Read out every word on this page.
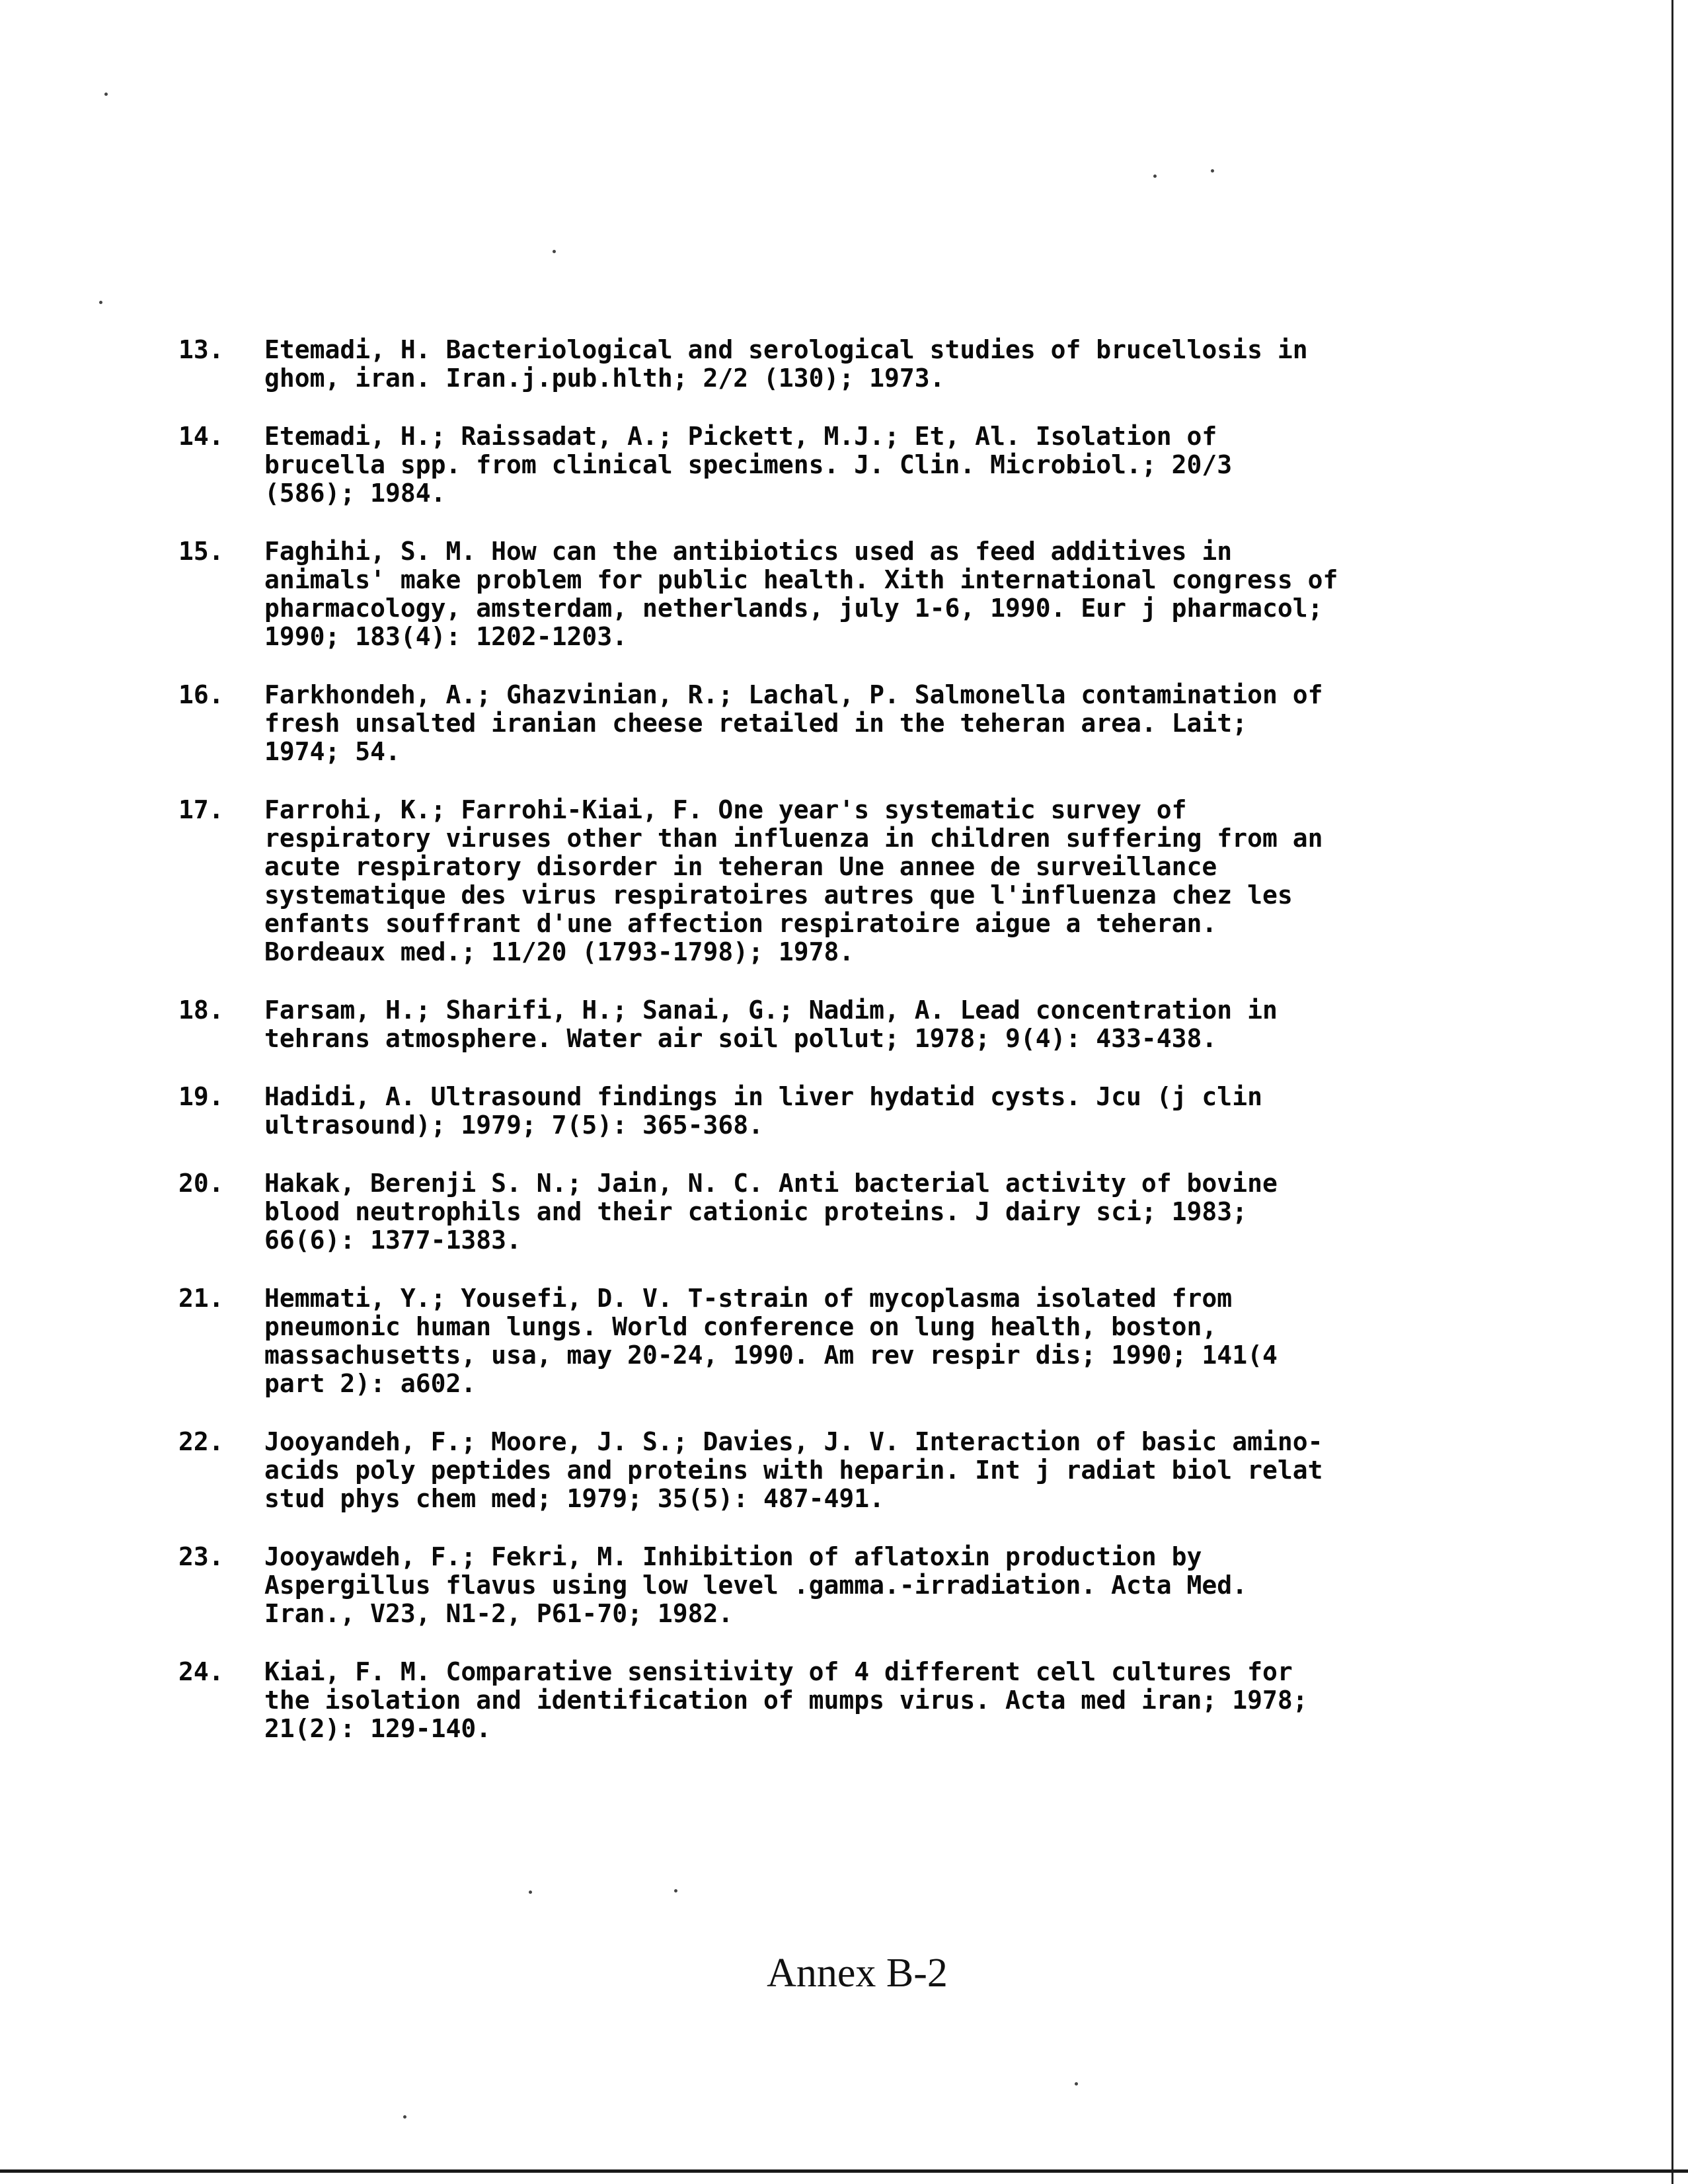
13.	Etemadi, H. Bacteriological and serological studies of brucellosis in
ghom, iran. Iran.j.pub.hlth; 2/2 (130); 1973.
14.	Etemadi, H.; Raissadat, A.; Pickett, M.J.; Et, Al. Isolation of
brucella spp. from clinical specimens. J. Clin. Microbiol.; 20/3
(586); 1984.
15.	Faghihi, S. M. How can the antibiotics used as feed additives in
animals' make problem for public health. Xith international congress of
pharmacology, amsterdam, netherlands, july 1-6, 1990. Eur j pharmacol;
1990; 183(4): 1202-1203.
16.	Farkhondeh, A.; Ghazvinian, R.; Lachal, P. Salmonella contamination of
fresh unsalted iranian cheese retailed in the teheran area. Lait;
1974; 54.
17.	Farrohi, K.; Farrohi-Kiai, F. One year's systematic survey of
respiratory viruses other than influenza in children suffering from an
acute respiratory disorder in teheran Une annee de surveillance
systematique des virus respiratoires autres que l'influenza chez les
enfants souffrant d'une affection respiratoire aigue a teheran.
Bordeaux med.; 11/20 (1793-1798); 1978.
18.	Farsam, H.; Sharifi, H.; Sanai, G.; Nadim, A. Lead concentration in
tehrans atmosphere. Water air soil pollut; 1978; 9(4): 433-438.
19.	Hadidi, A. Ultrasound findings in liver hydatid cysts. Jcu (j clin
ultrasound); 1979; 7(5): 365-368.
20.	Hakak, Berenji S. N.; Jain, N. C. Anti bacterial activity of bovine
blood neutrophils and their cationic proteins. J dairy sci; 1983;
66(6): 1377-1383.
21.	Hemmati, Y.; Yousefi, D. V. T-strain of mycoplasma isolated from
pneumonic human lungs. World conference on lung health, boston,
massachusetts, usa, may 20-24, 1990. Am rev respir dis; 1990; 141(4
part 2): a602.
22.	Jooyandeh, F.; Moore, J. S.; Davies, J. V. Interaction of basic amino-
acids poly peptides and proteins with heparin. Int j radiat biol relat
stud phys chem med; 1979; 35(5): 487-491.
23.	Jooyawdeh, F.; Fekri, M. Inhibition of aflatoxin production by
Aspergillus flavus using low level .gamma.-irradiation. Acta Med.
Iran., V23, N1-2, P61-70; 1982.
24.	Kiai, F. M. Comparative sensitivity of 4 different cell cultures for
the isolation and identification of mumps virus. Acta med iran; 1978;
21(2): 129-140.
Annex B-2
